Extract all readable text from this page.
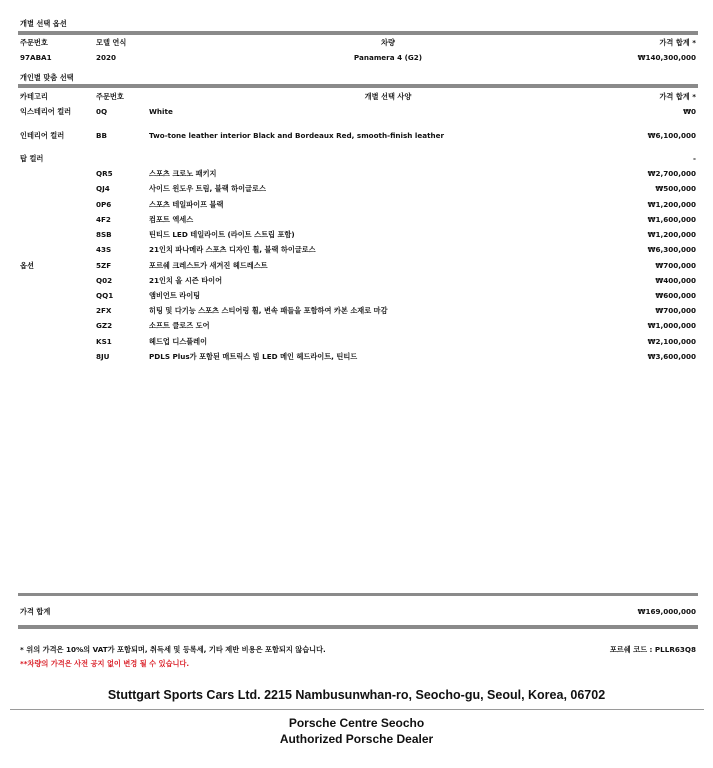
개별 선택 옵션
주문번호	모델 연식	차량	가격 합계 *
97ABA1	2020	Panamera 4 (G2)	₩140,300,000
개인별 맞춤 선택
카테고리	주문번호	개별 선택 사양	가격 합계 *
익스테리어 컬러	0Q	White	₩0
인테리어 컬러	BB	Two-tone leather interior Black and Bordeaux Red, smooth-finish leather	₩6,100,000
탑 컬러	-
QR5	스포츠 크로노 패키지	₩2,700,000
QJ4	사이드 윈도우 트림, 블랙 하이글로스	₩500,000
0P6	스포츠 테일파이프 블랙	₩1,200,000
4F2	컴포트 엑세스	₩1,600,000
8SB	틴티드 LED 테일라이트 (라이트 스트립 포함)	₩1,200,000
43S	21인치 파나메라 스포츠 디자인 휠, 블랙 하이글로스	₩6,300,000
옵션	5ZF	포르쉐 크레스트가 새겨진 헤드레스트	₩700,000
Q02	21인치 올 시즌 타이어	₩400,000
QQ1	앰비언트 라이팅	₩600,000
2FX	히팅 및 다기능 스포츠 스티어링 휠, 변속 패들을 포함하여 카본 소재로 마감	₩700,000
GZ2	소프트 클로즈 도어	₩1,000,000
KS1	헤드업 디스플레이	₩2,100,000
8JU	PDLS Plus가 포함된 매트릭스 빔 LED 메인 헤드라이트, 틴티드	₩3,600,000
가격 합계	₩169,000,000
* 위의 가격은 10%의 VAT가 포함되며, 취득세 및 등록세, 기타 제반 비용은 포함되지 않습니다.
**차량의 가격은 사전 공지 없이 변경 될 수 있습니다.
포르쉐 코드 : PLLR63Q8
Stuttgart Sports Cars Ltd. 2215 Nambusunwhan-ro, Seocho-gu, Seoul, Korea, 06702
Porsche Centre Seocho
Authorized Porsche Dealer
